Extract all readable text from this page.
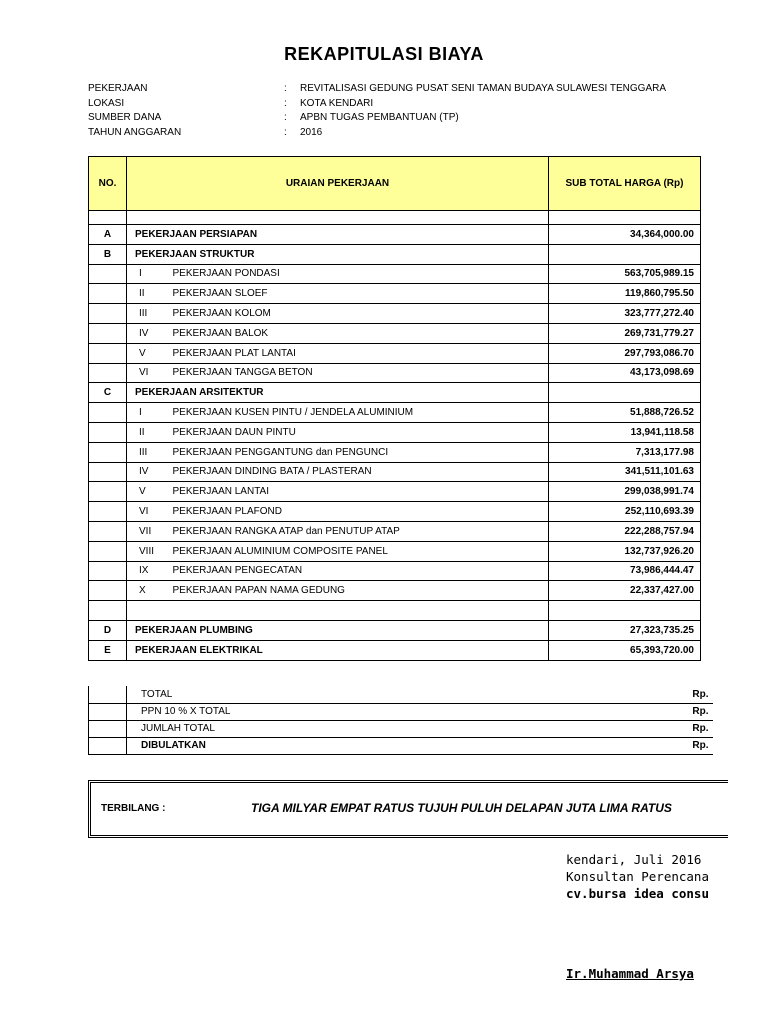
REKAPITULASI BIAYA
PEKERJAAN	:	REVITALISASI GEDUNG PUSAT SENI TAMAN BUDAYA SULAWESI TENGGARA
LOKASI	:	KOTA KENDARI
SUMBER DANA	:	APBN TUGAS PEMBANTUAN (TP)
TAHUN ANGGARAN	:	2016
NO.	URAIAN PEKERJAAN		SUB TOTAL HARGA (Rp)

A	PEKERJAAN PERSIAPAN		34,364,000.00
B	PEKERJAAN STRUKTUR		
	I	PEKERJAAN PONDASI	563,705,989.15
	II	PEKERJAAN SLOEF	119,860,795.50
	III	PEKERJAAN KOLOM	323,777,272.40
	IV	PEKERJAAN BALOK	269,731,779.27
	V	PEKERJAAN PLAT LANTAI	297,793,086.70
	VI	PEKERJAAN TANGGA BETON	43,173,098.69
C	PEKERJAAN ARSITEKTUR		
	I	PEKERJAAN KUSEN PINTU / JENDELA ALUMINIUM	51,888,726.52
	II	PEKERJAAN DAUN PINTU	13,941,118.58
	III	PEKERJAAN PENGGANTUNG dan PENGUNCI	7,313,177.98
	IV	PEKERJAAN DINDING BATA / PLASTERAN	341,511,101.63
	V	PEKERJAAN LANTAI	299,038,991.74
	VI	PEKERJAAN PLAFOND	252,110,693.39
	VII	PEKERJAAN RANGKA ATAP dan PENUTUP ATAP	222,288,757.94
	VIII	PEKERJAAN ALUMINIUM COMPOSITE PANEL	132,737,926.20
	IX	PEKERJAAN PENGECATAN	73,986,444.47
	X	PEKERJAAN PAPAN NAMA GEDUNG	22,337,427.00

D	PEKERJAAN PLUMBING		27,323,735.25
E	PEKERJAAN ELEKTRIKAL		65,393,720.00
	TOTAL	Rp.
	PPN 10 % X TOTAL	Rp.
	JUMLAH TOTAL	Rp.
	DIBULATKAN	Rp.
TERBILANG :	TIGA MILYAR EMPAT RATUS TUJUH PULUH DELAPAN JUTA LIMA RATUS
kendari, Juli 2016
Konsultan Perencana
cv.bursa idea consu
Ir.Muhammad Arsya
